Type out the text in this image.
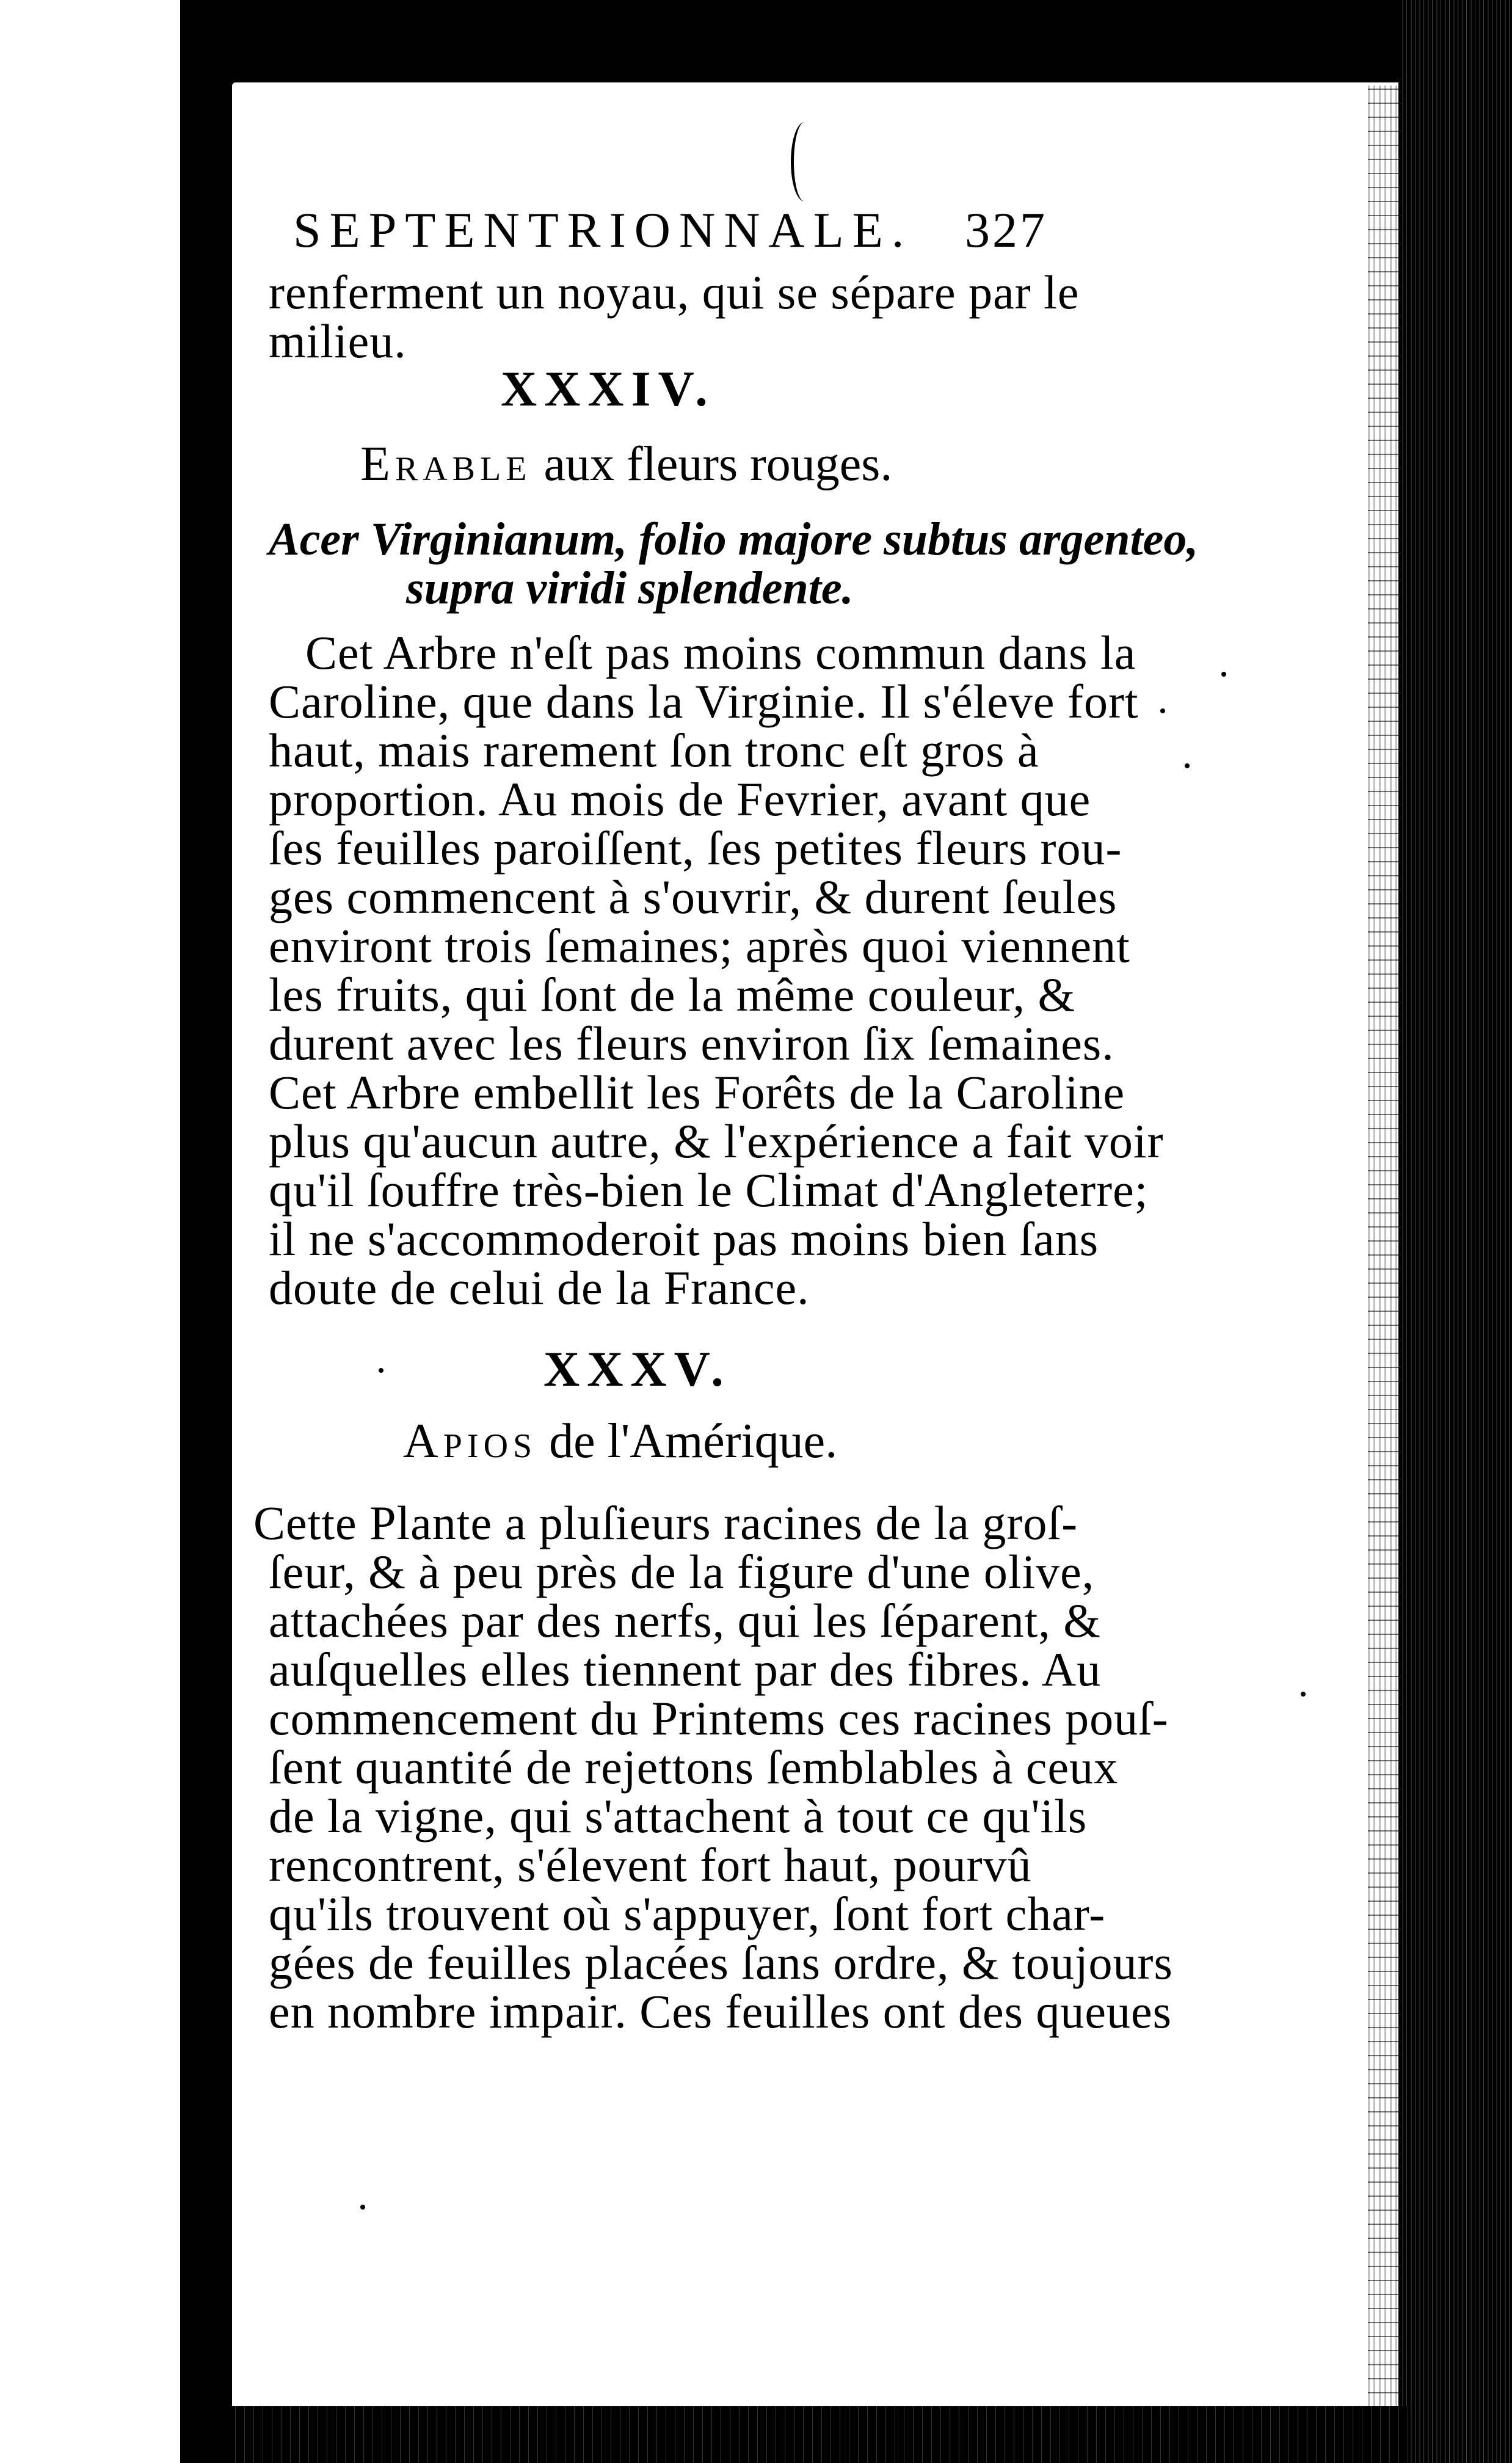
SEPTENTRIONNALE. 327
renferment un noyau, qui se sépare par le
milieu.
XXXIV.
Erable aux fleurs rouges.
Acer Virginianum, folio majore subtus argenteo,
supra viridi splendente.
Cet Arbre n'eſt pas moins commun dans la
Caroline, que dans la Virginie. Il s'éleve fort
haut, mais rarement ſon tronc eſt gros à
proportion. Au mois de Fevrier, avant que
ſes feuilles paroiſſent, ſes petites fleurs rou-
ges commencent à s'ouvrir, & durent ſeules
environt trois ſemaines; après quoi viennent
les fruits, qui ſont de la même couleur, &
durent avec les fleurs environ ſix ſemaines.
Cet Arbre embellit les Forêts de la Caroline
plus qu'aucun autre, & l'expérience a fait voir
qu'il ſouffre très-bien le Climat d'Angleterre;
il ne s'accommoderoit pas moins bien ſans
doute de celui de la France.
XXXV.
Apios de l'Amérique.
Cette Plante a pluſieurs racines de la groſ-
ſeur, & à peu près de la figure d'une olive,
attachées par des nerfs, qui les ſéparent, &
auſquelles elles tiennent par des fibres. Au
commencement du Printems ces racines pouſ-
ſent quantité de rejettons ſemblables à ceux
de la vigne, qui s'attachent à tout ce qu'ils
rencontrent, s'élevent fort haut, pourvû
qu'ils trouvent où s'appuyer, ſont fort char-
gées de feuilles placées ſans ordre, & toujours
en nombre impair. Ces feuilles ont des queues
